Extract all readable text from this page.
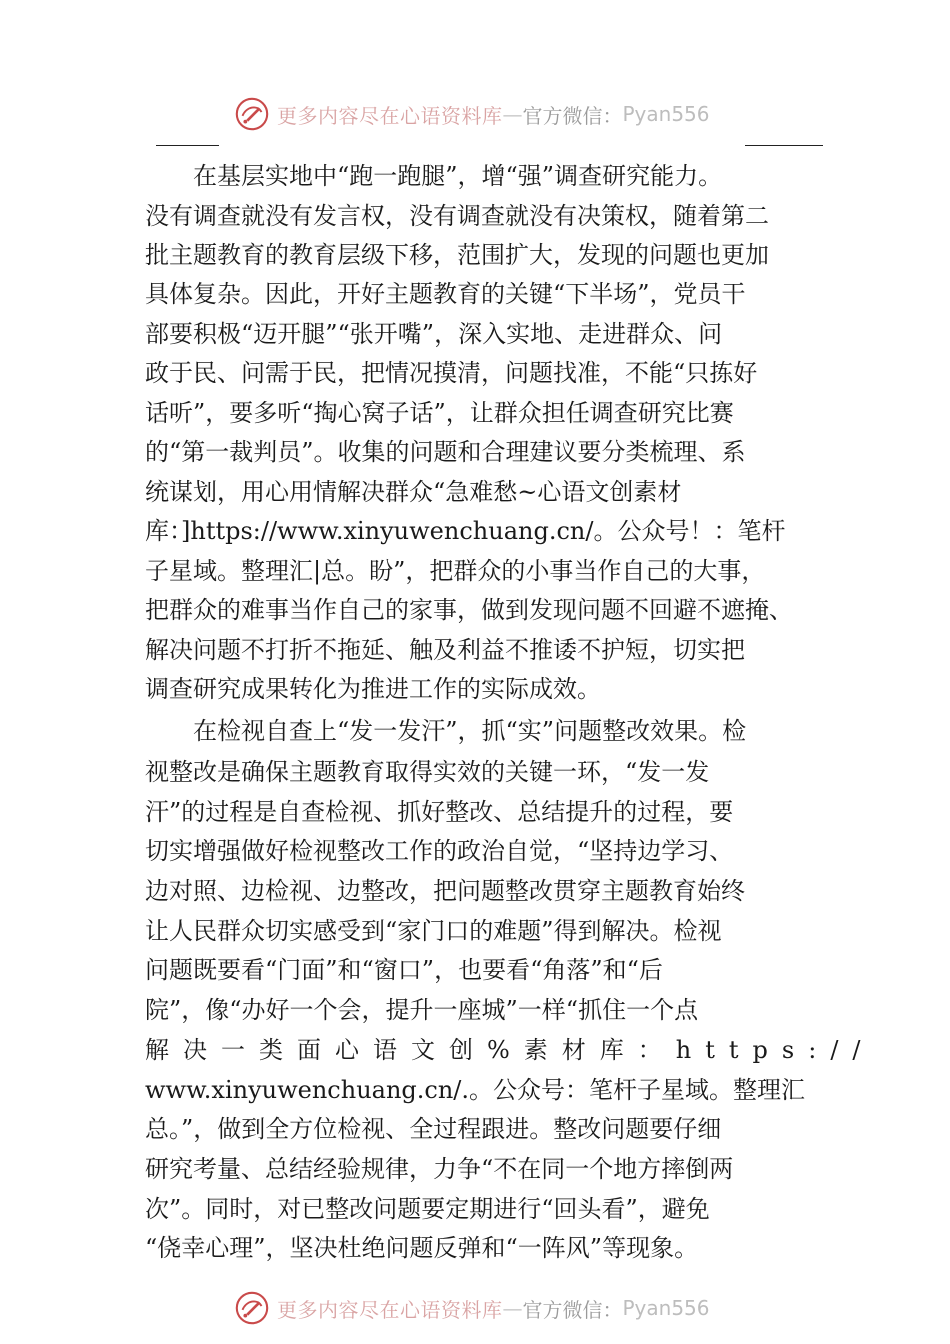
更多内容尽在心语资料库 — 官方微信： Pyan556
　　在基层实地中“跑一跑腿”，增“强”调查研究能力。
没有调查就没有发言权，没有调查就没有决策权，随着第二
批主题教育的教育层级下移，范围扩大，发现的问题也更加
具体复杂。因此，开好主题教育的关键“下半场”，党员干
部要积极“迈开腿”“张开嘴”，深入实地、走进群众、问
政于民、问需于民，把情况摸清，问题找准，不能“只拣好
话听”，要多听“掏心窝子话”，让群众担任调查研究比赛
的“第一裁判员”。收集的问题和合理建议要分类梳理、系
统谋划，用心用情解决群众“急难愁~心语文创素材
库：]https://www.xinyuwenchuang.cn/。公众号！：笔杆
子星域。整理汇|总。盼”，把群众的小事当作自己的大事，
把群众的难事当作自己的家事，做到发现问题不回避不遮掩、
解决问题不打折不拖延、触及利益不推诿不护短，切实把
调查研究成果转化为推进工作的实际成效。
　　在检视自查上“发一发汗”，抓“实”问题整改效果。检
视整改是确保主题教育取得实效的关键一环，“发一发
汗”的过程是自查检视、抓好整改、总结提升的过程，要
切实增强做好检视整改工作的政治自觉，“坚持边学习、
边对照、边检视、边整改，把问题整改贯穿主题教育始终
让人民群众切实感受到“家门口的难题”得到解决。检视
问题既要看“门面”和“窗口”，也要看“角落”和“后
院”，像“办好一个会，提升一座城”一样“抓住一个点
解决一类面心语文创%素材库：https://
www.xinyuwenchuang.cn/.。公众号：笔杆子星域。整理汇
总。”，做到全方位检视、全过程跟进。整改问题要仔细
研究考量、总结经验规律，力争“不在同一个地方摔倒两
次”。同时，对已整改问题要定期进行“回头看”，避免
“侥幸心理”，坚决杜绝问题反弹和“一阵风”等现象。
更多内容尽在心语资料库 — 官方微信： Pyan556
